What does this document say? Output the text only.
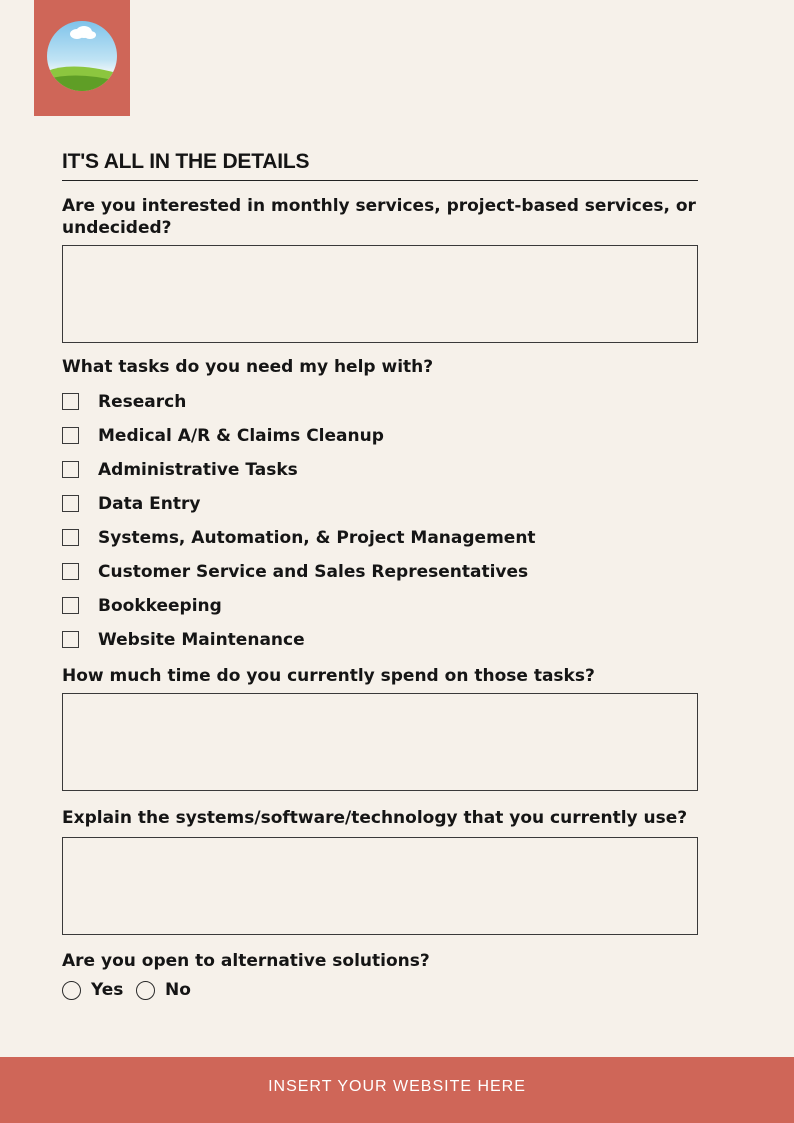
IT'S ALL IN THE DETAILS
Are you interested in monthly services, project-based services, or undecided?
What tasks do you need my help with?
Research
Medical A/R & Claims Cleanup
Administrative Tasks
Data Entry
Systems, Automation, & Project Management
Customer Service and Sales Representatives
Bookkeeping
Website Maintenance
How much time do you currently spend on those tasks?
Explain the systems/software/technology that you currently use?
Are you open to alternative solutions?
Yes No
INSERT YOUR WEBSITE HERE
